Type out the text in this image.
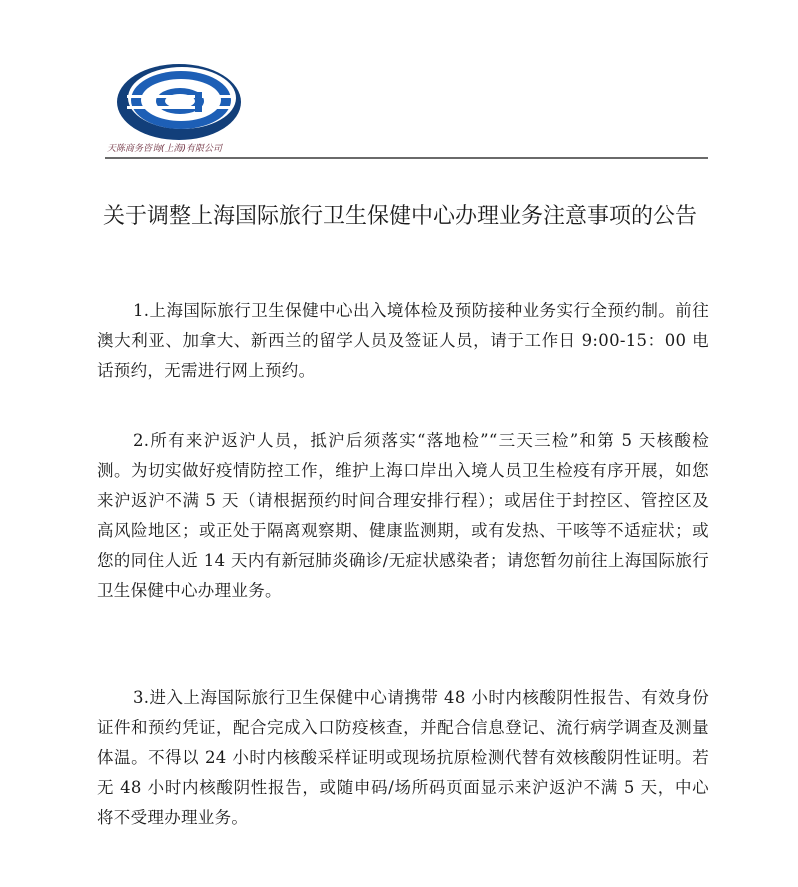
天陈商务咨询(上海)有限公司
关于调整上海国际旅行卫生保健中心办理业务注意事项的公告
1.上海国际旅行卫生保健中心出入境体检及预防接种业务实行全预约制。前往澳大利亚、加拿大、新西兰的留学人员及签证人员，请于工作日 9:00-15：00 电话预约，无需进行网上预约。
2.所有来沪返沪人员，抵沪后须落实“落地检”“三天三检”和第 5 天核酸检测。为切实做好疫情防控工作，维护上海口岸出入境人员卫生检疫有序开展，如您来沪返沪不满 5 天（请根据预约时间合理安排行程）；或居住于封控区、管控区及高风险地区；或正处于隔离观察期、健康监测期，或有发热、干咳等不适症状；或您的同住人近 14 天内有新冠肺炎确诊/无症状感染者；请您暂勿前往上海国际旅行卫生保健中心办理业务。
3.进入上海国际旅行卫生保健中心请携带 48 小时内核酸阴性报告、有效身份证件和预约凭证，配合完成入口防疫核查，并配合信息登记、流行病学调查及测量体温。不得以 24 小时内核酸采样证明或现场抗原检测代替有效核酸阴性证明。若无 48 小时内核酸阴性报告，或随申码/场所码页面显示来沪返沪不满 5 天，中心将不受理办理业务。
